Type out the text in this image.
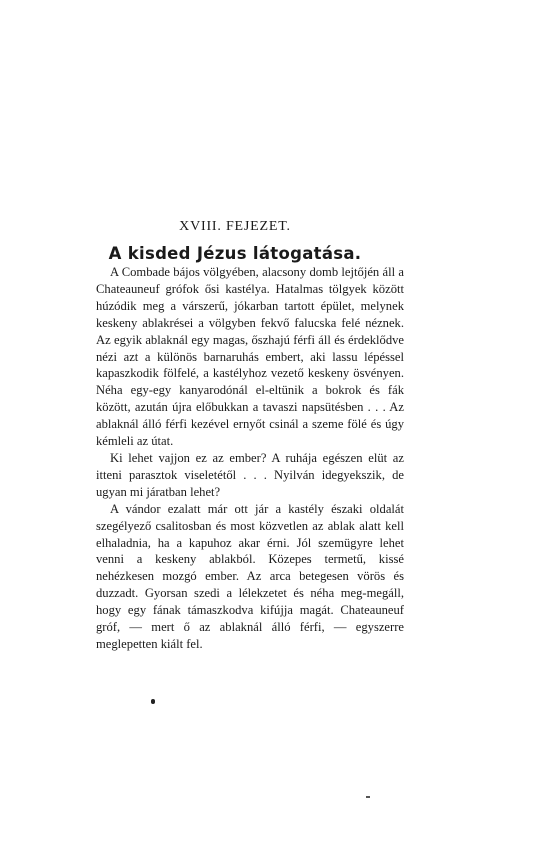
XVIII. FEJEZET.
A kisded Jézus látogatása.

A Combade bájos völgyében, alacsony domb lejtőjén áll a Chateauneuf grófok ősi kastélya. Hatalmas tölgyek között húzódik meg a várszerű, jókarban tartott épület, melynek keskeny ablakrései a völgyben fekvő falucska felé néznek. Az egyik ablaknál egy magas, őszhajú férfi áll és érdeklődve nézi azt a különös barnaruhás embert, aki lassu lépéssel kapaszkodik fölfelé, a kastélyhoz vezető keskeny ösvényen. Néha egy-egy kanyarodónál el-eltünik a bokrok és fák között, azután újra előbukkan a tavaszi napsütésben . . . Az ablaknál álló férfi kezével ernyőt csinál a szeme fölé és úgy kémleli az útat.

Ki lehet vajjon ez az ember? A ruhája egészen elüt az itteni parasztok viseletétől . . . Nyilván idegyekszik, de ugyan mi járatban lehet?

A vándor ezalatt már ott jár a kastély északi oldalát szegélyező csalitosban és most közvetlen az ablak alatt kell elhaladnia, ha a kapuhoz akar érni. Jól szemügyre lehet venni a keskeny ablakból. Közepes termetű, kissé nehézkesen mozgó ember. Az arca betegesen vörös és duzzadt. Gyorsan szedi a lélekzetet és néha meg-megáll, hogy egy fának támaszkodva kifújja magát. Chateauneuf gróf, — mert ő az ablaknál álló férfi, — egyszerre meglepetten kiált fel.
